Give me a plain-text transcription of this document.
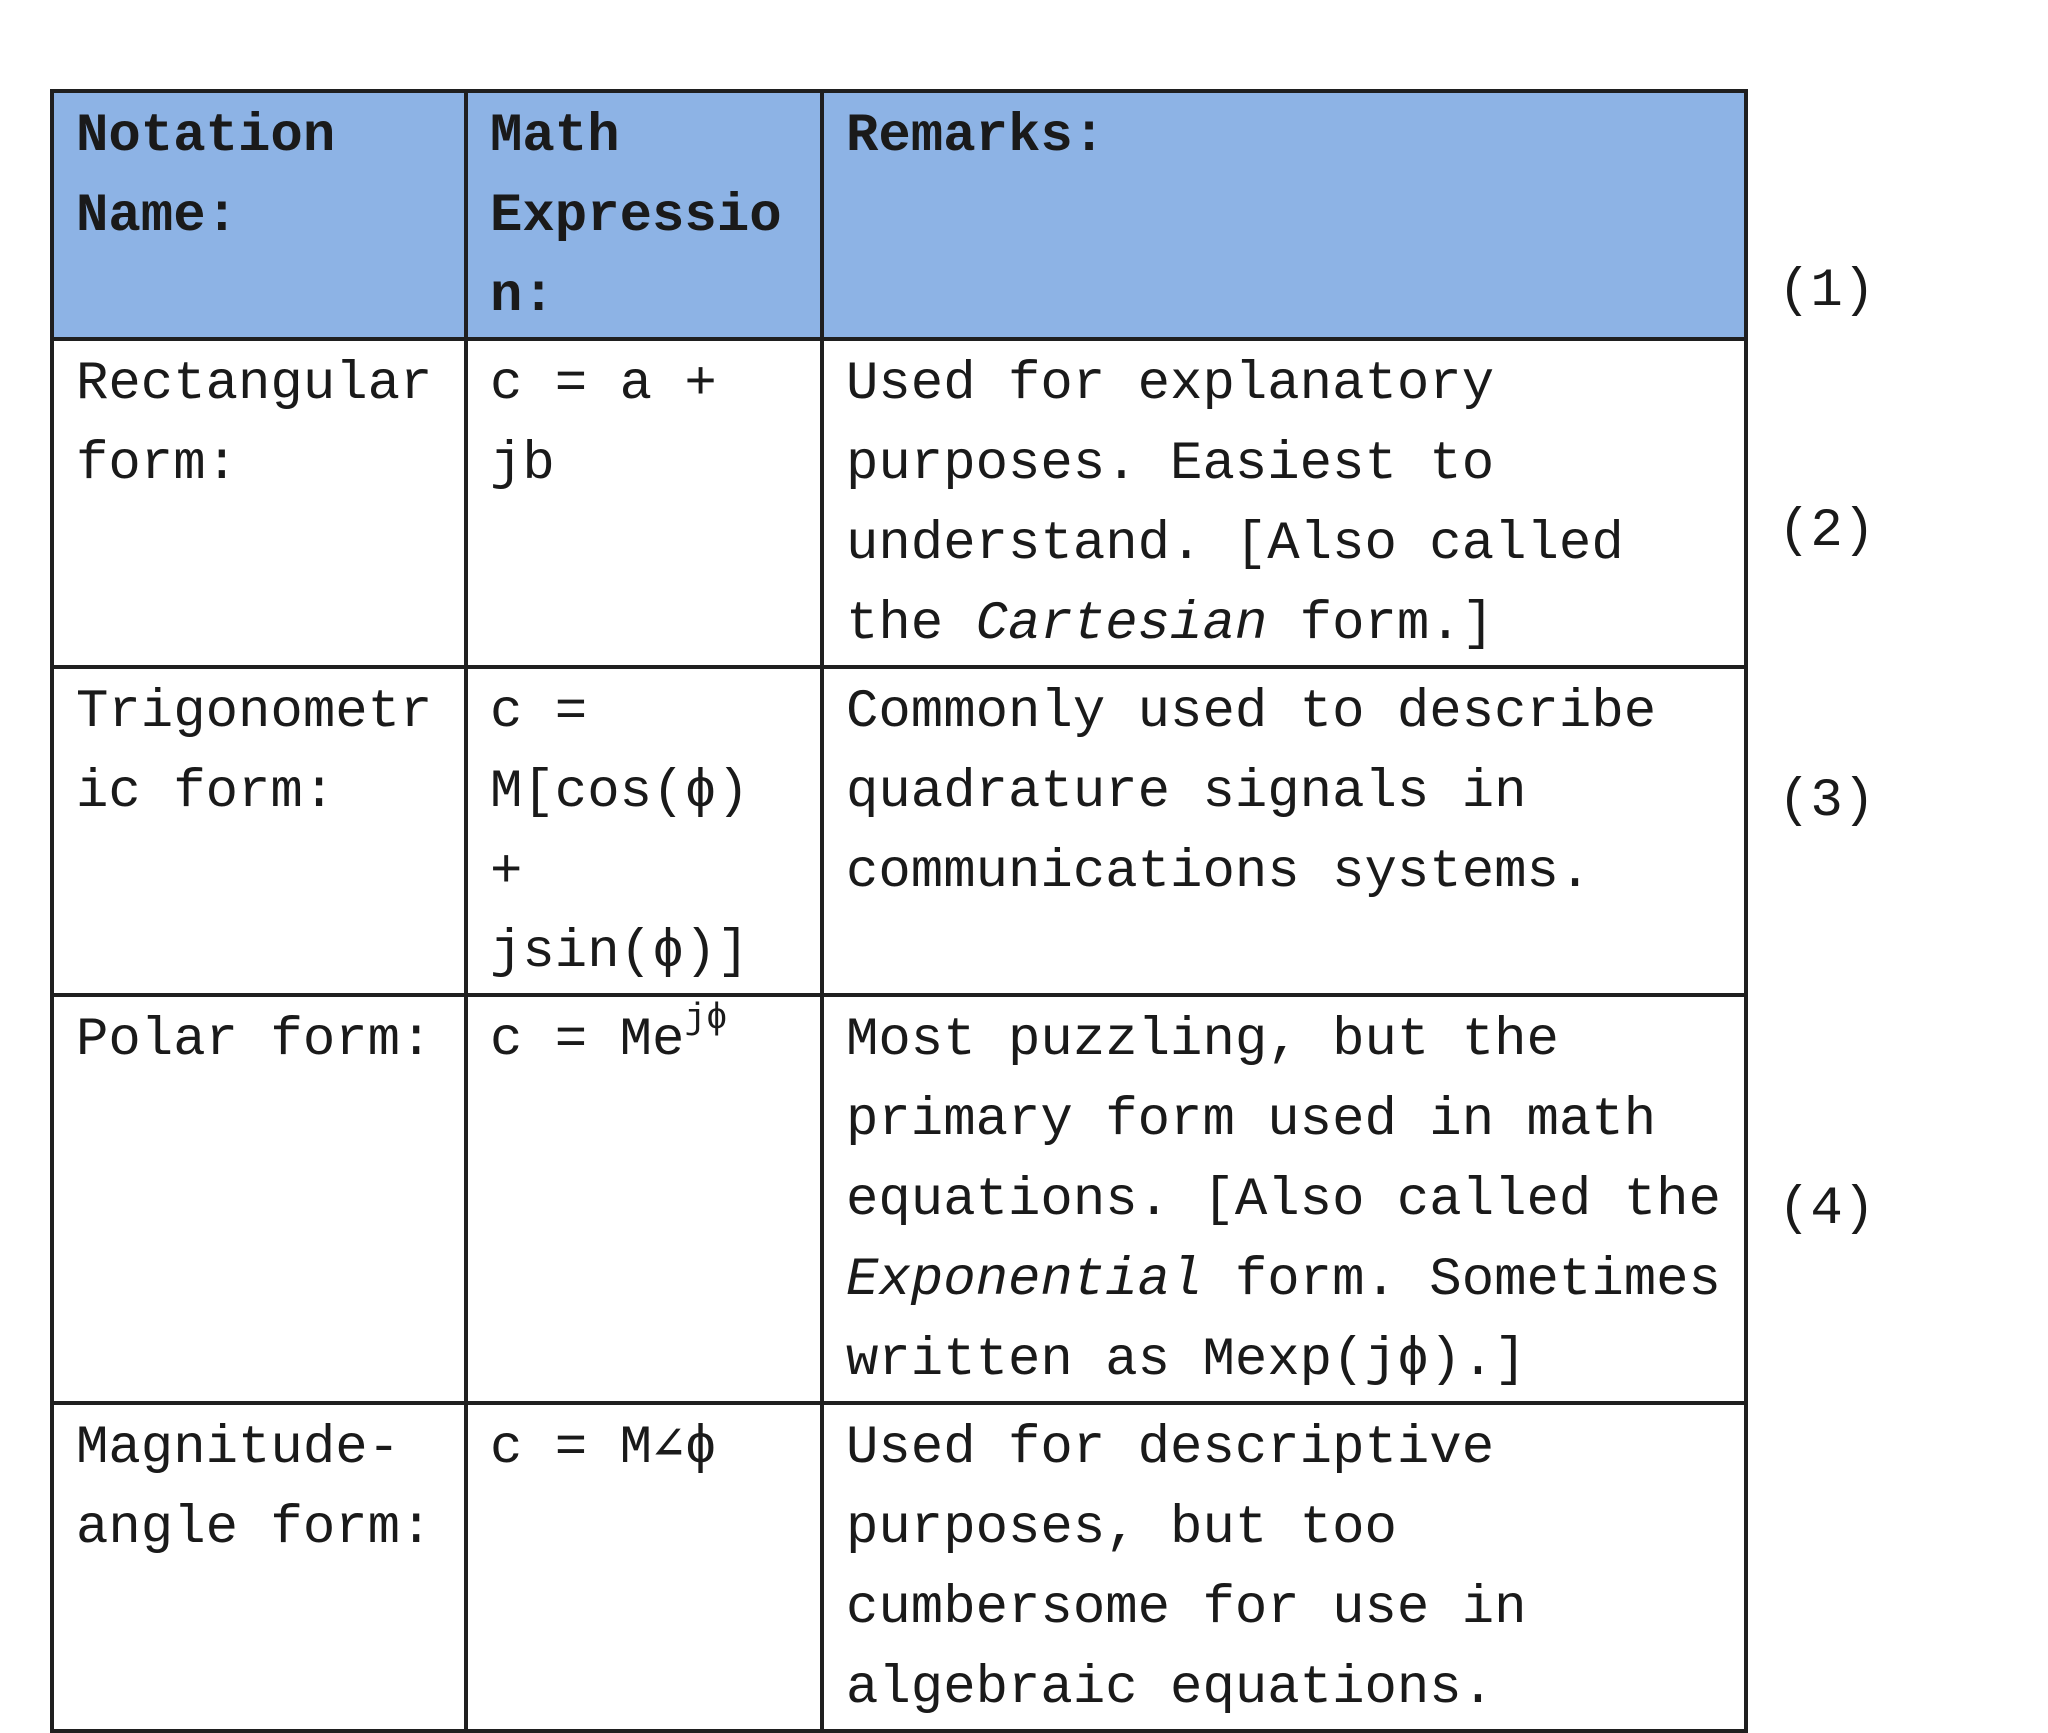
Notation Name:	Math Expression:	Remarks:
Rectangular form:	c = a + jb	Used for explanatory purposes. Easiest to understand. [Also called the Cartesian form.]
Trigonometric form:	c = M[cos(ϕ) + jsin(ϕ)]	Commonly used to describe quadrature signals in communications systems.
Polar form:	$c = Me^{j\phi}$	Most puzzling, but the primary form used in math equations. [Also called the Exponential form. Sometimes written as Mexp(jϕ).]
Magnitude-angle form:	c = M∠ϕ	Used for descriptive purposes, but too cumbersome for use in algebraic equations.
(1)
(2)
(3)
(4)
